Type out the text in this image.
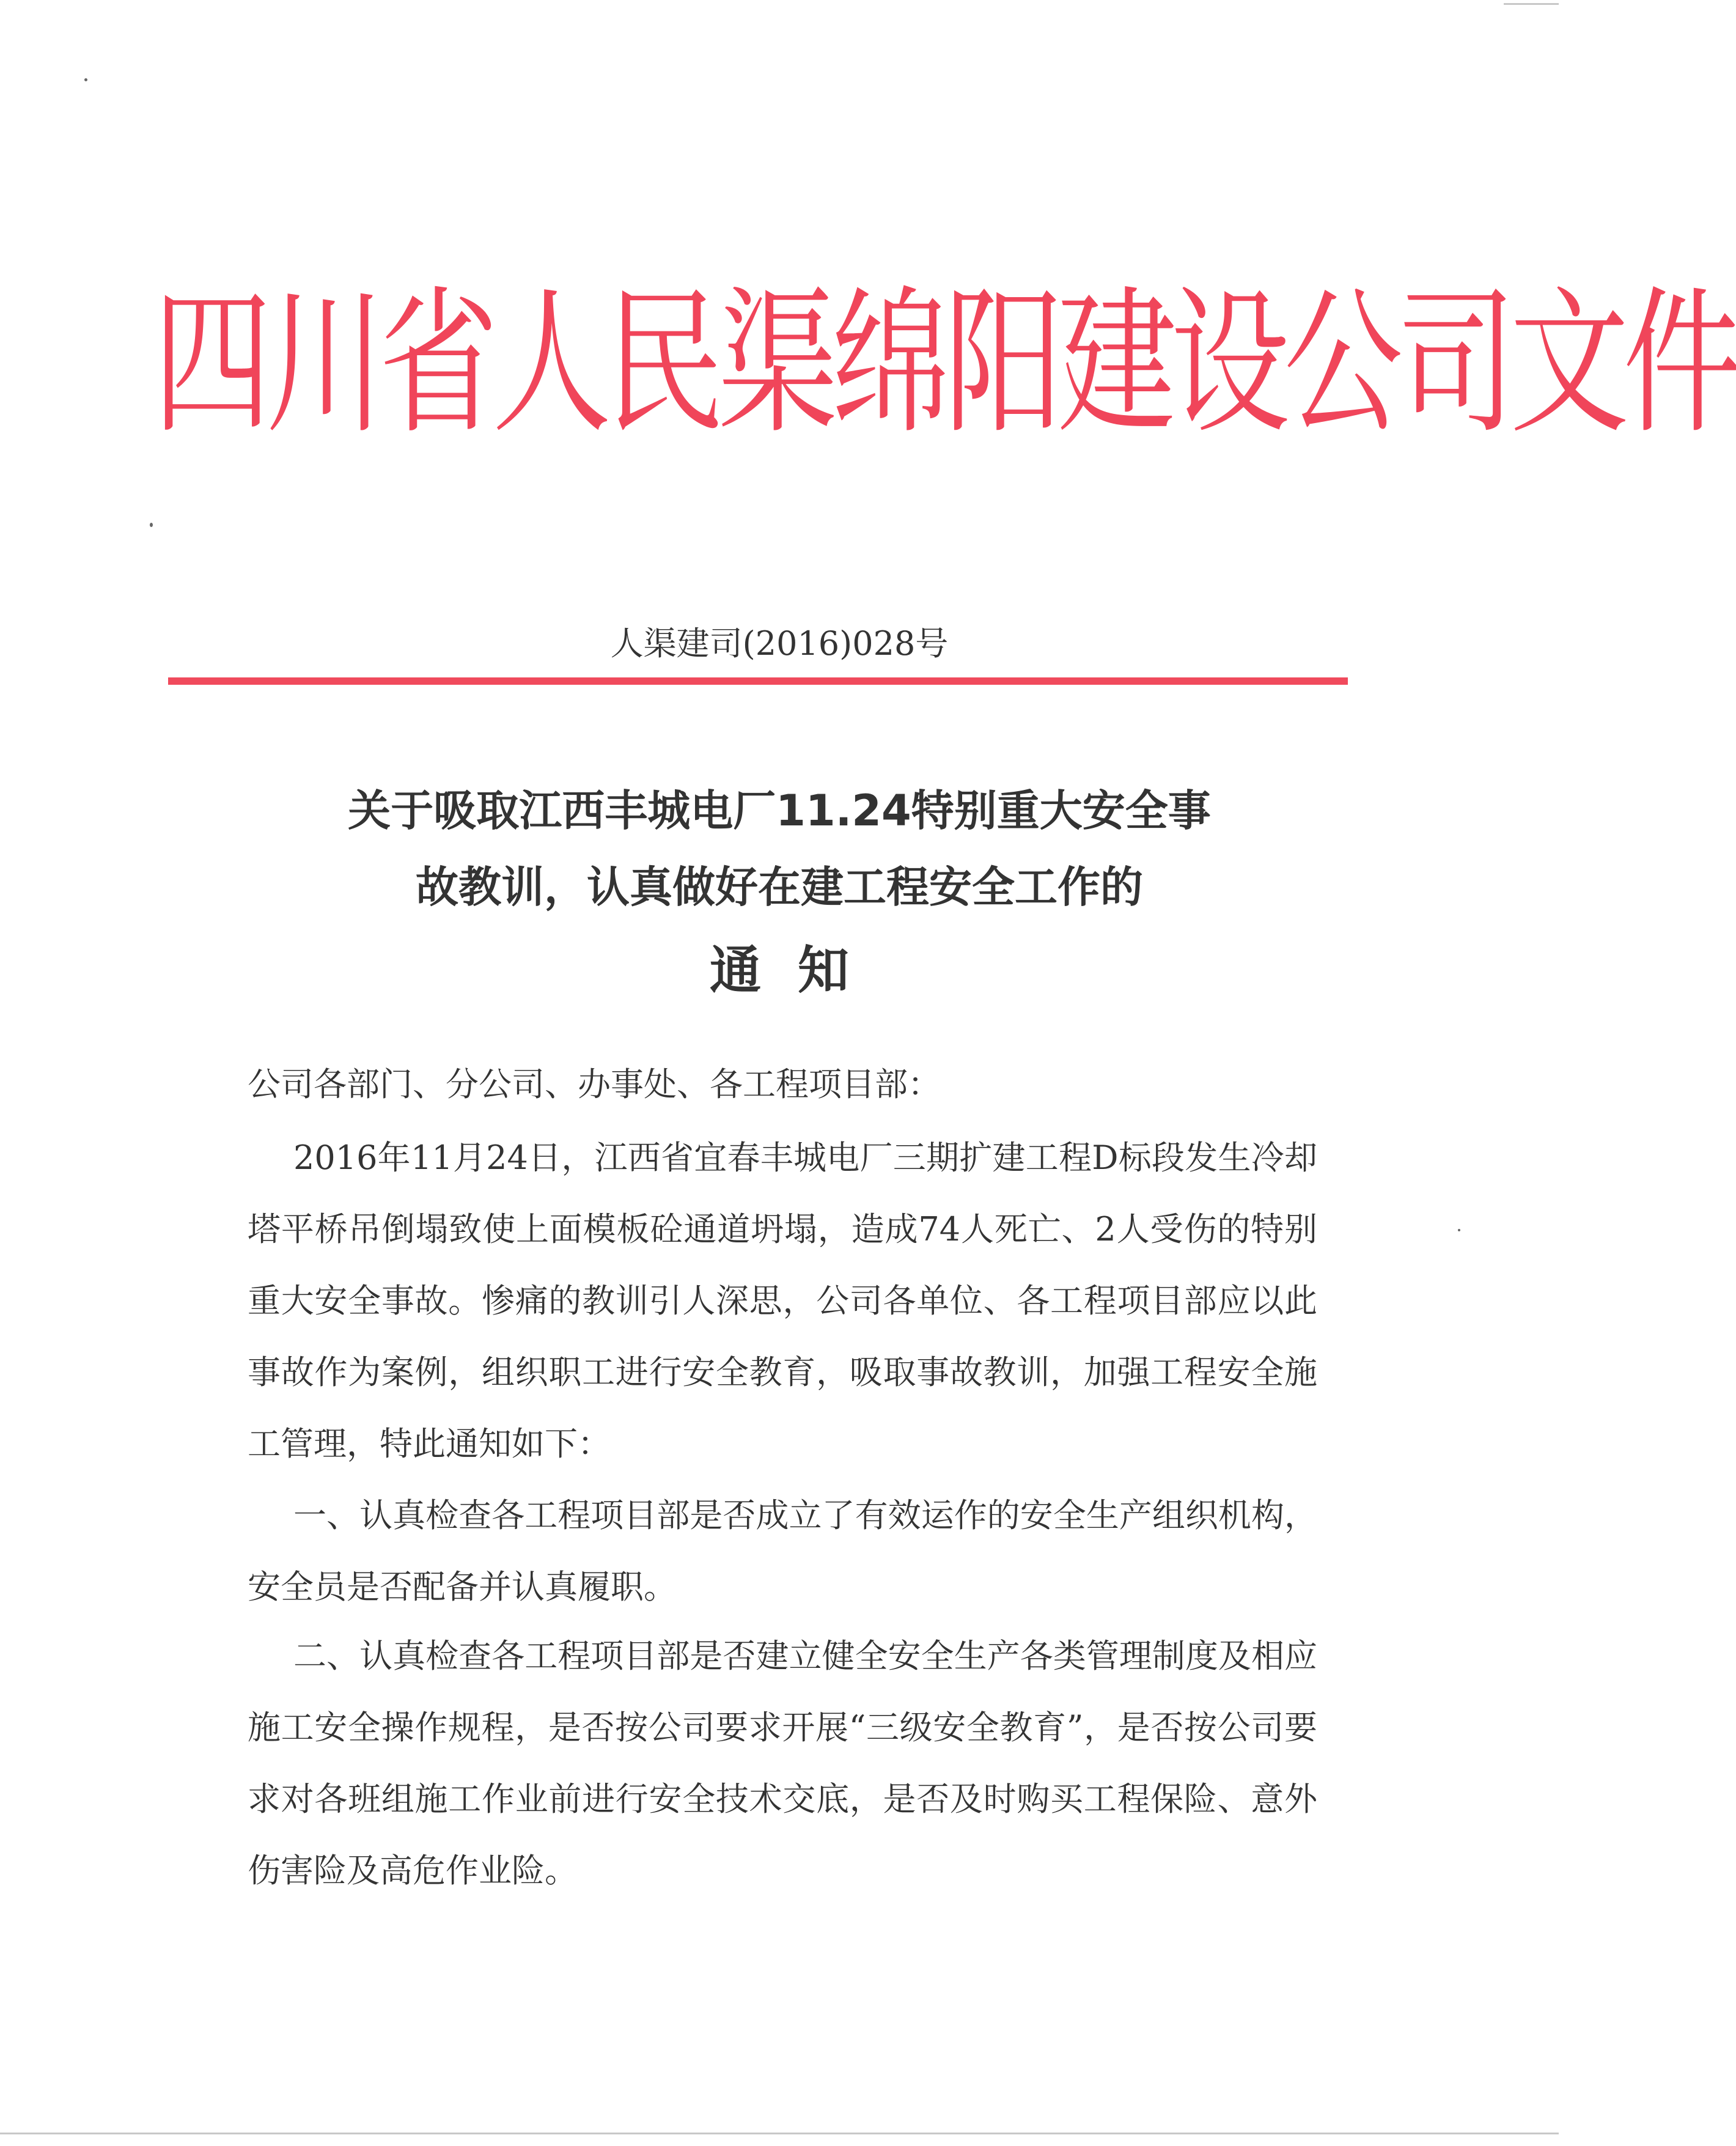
四川省人民渠绵阳建设公司文件
人渠建司(2016)028号
关于吸取江西丰城电厂11.24特别重大安全事
故教训，认真做好在建工程安全工作的
通知

公司各部门、分公司、办事处、各工程项目部：

2016年11月24日，江西省宜春丰城电厂三期扩建工程D标段发生冷却塔平桥吊倒塌致使上面模板砼通道坍塌，造成74人死亡、2人受伤的特别重大安全事故。惨痛的教训引人深思，公司各单位、各工程项目部应以此事故作为案例，组织职工进行安全教育，吸取事故教训，加强工程安全施工管理，特此通知如下：

一、认真检查各工程项目部是否成立了有效运作的安全生产组织机构，安全员是否配备并认真履职。

二、认真检查各工程项目部是否建立健全安全生产各类管理制度及相应施工安全操作规程，是否按公司要求开展“三级安全教育”，是否按公司要求对各班组施工作业前进行安全技术交底，是否及时购买工程保险、意外伤害险及高危作业险。
